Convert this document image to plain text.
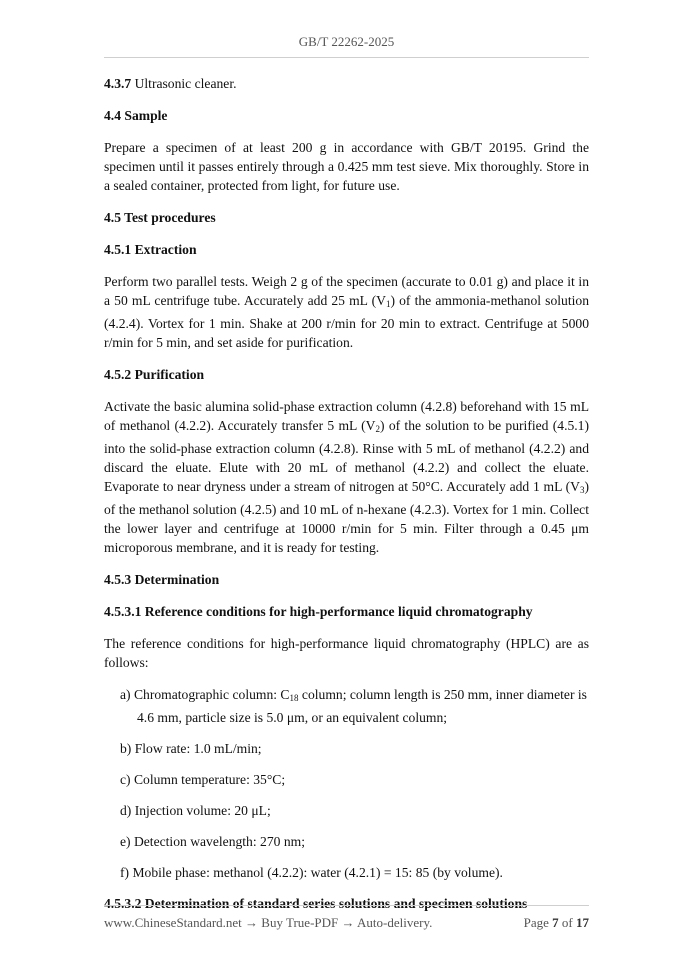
GB/T 22262-2025

4.3.7 Ultrasonic cleaner.

4.4 Sample

Prepare a specimen of at least 200 g in accordance with GB/T 20195. Grind the specimen until it passes entirely through a 0.425 mm test sieve. Mix thoroughly. Store in a sealed container, protected from light, for future use.

4.5 Test procedures

4.5.1 Extraction

Perform two parallel tests. Weigh 2 g of the specimen (accurate to 0.01 g) and place it in a 50 mL centrifuge tube. Accurately add 25 mL $(V_1)$ of the ammonia-methanol solution (4.2.4). Vortex for 1 min. Shake at 200 r/min for 20 min to extract. Centrifuge at 5000 r/min for 5 min, and set aside for purification.

4.5.2 Purification

Activate the basic alumina solid-phase extraction column (4.2.8) beforehand with 15 mL of methanol (4.2.2). Accurately transfer 5 mL $(V_2)$ of the solution to be purified (4.5.1) into the solid-phase extraction column (4.2.8). Rinse with 5 mL of methanol (4.2.2) and discard the eluate. Elute with 20 mL of methanol (4.2.2) and collect the eluate. Evaporate to near dryness under a stream of nitrogen at 50°C. Accurately add 1 mL $(V_3)$ of the methanol solution (4.2.5) and 10 mL of n-hexane (4.2.3). Vortex for 1 min. Collect the lower layer and centrifuge at 10000 r/min for 5 min. Filter through a 0.45 μm microporous membrane, and it is ready for testing.

4.5.3 Determination

4.5.3.1 Reference conditions for high-performance liquid chromatography

The reference conditions for high-performance liquid chromatography (HPLC) are as follows:

a) Chromatographic column: $C_{18}$ column; column length is 250 mm, inner diameter is 4.6 mm, particle size is 5.0 μm, or an equivalent column;

b) Flow rate: 1.0 mL/min;

c) Column temperature: 35°C;

d) Injection volume: 20 μL;

e) Detection wavelength: 270 nm;

f) Mobile phase: methanol (4.2.2): water (4.2.1) = 15: 85 (by volume).

4.5.3.2 Determination of standard series solutions and specimen solutions

www.ChineseStandard.net → Buy True-PDF → Auto-delivery.	Page 7 of 17
